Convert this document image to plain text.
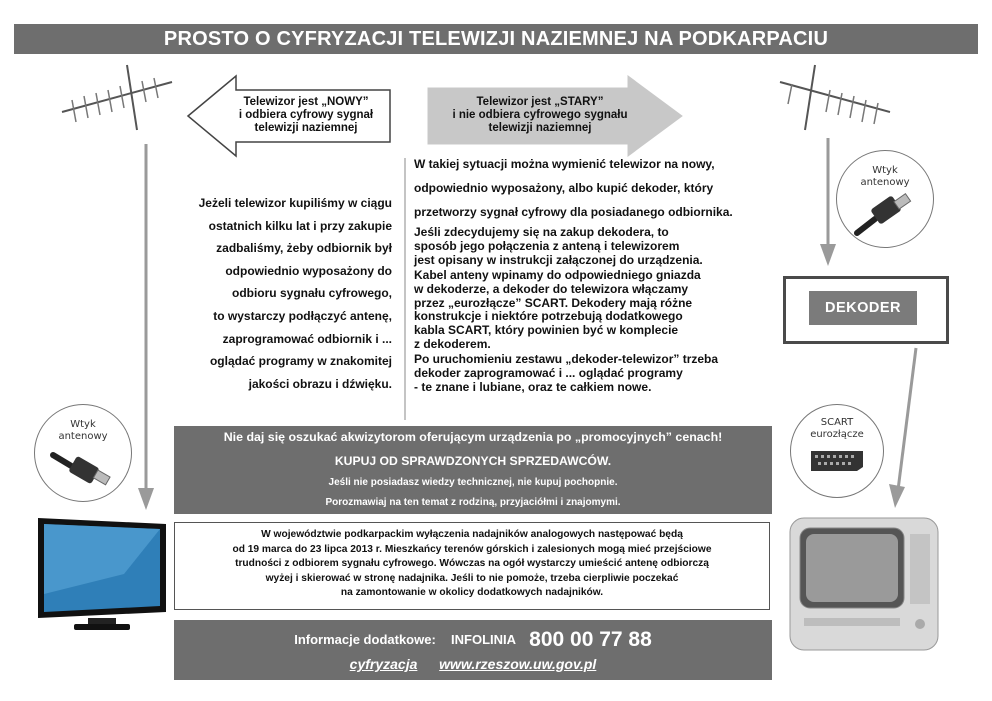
PROSTO O CYFRYZACJI TELEWIZJI NAZIEMNEJ NA PODKARPACIU
Telewizor jest „NOWY”
i odbiera cyfrowy sygnał
telewizji naziemnej
Telewizor jest „STARY”
i nie odbiera cyfrowego sygnału
telewizji naziemnej
Jeżeli telewizor kupiliśmy w ciągu
ostatnich kilku lat i przy zakupie
zadbaliśmy, żeby odbiornik był
odpowiednio wyposażony do
odbioru sygnału cyfrowego,
to wystarczy podłączyć antenę,
zaprogramować odbiornik i ...
oglądać programy w znakomitej
jakości obrazu i dźwięku.
W takiej sytuacji można wymienić telewizor na nowy,
odpowiednio wyposażony, albo kupić dekoder, który
przetworzy sygnał cyfrowy dla posiadanego odbiornika.

Jeśli zdecydujemy się na zakup dekodera, to
sposób jego połączenia z anteną i telewizorem
jest opisany w instrukcji załączonej do urządzenia.

Kabel anteny wpinamy do odpowiedniego gniazda
w dekoderze, a dekoder do telewizora włączamy
przez „eurozłącze” SCART. Dekodery mają różne
konstrukcje i niektóre potrzebują dodatkowego
kabla SCART, który powinien być w komplecie
z dekoderem.

Po uruchomieniu zestawu „dekoder-telewizor” trzeba
dekoder zaprogramować i ... oglądać programy
- te znane i lubiane, oraz te całkiem nowe.

Wtyk
antenowy
DEKODER
SCART
eurozłącze
Wtyk
antenowy	Nie daj się oszukać akwizytorom oferującym urządzenia po „promocyjnych” cenach!
KUPUJ OD SPRAWDZONYCH SPRZEDAWCÓW.
Jeśli nie posiadasz wiedzy technicznej, nie kupuj pochopnie.
Porozmawiaj na ten temat z rodziną, przyjaciółmi i znajomymi.
W województwie podkarpackim wyłączenia nadajników analogowych następować będą
od 19 marca do 23 lipca 2013 r. Mieszkańcy terenów górskich i zalesionych mogą mieć przejściowe
trudności z odbiorem sygnału cyfrowego. Wówczas na ogół wystarczy umieścić antenę odbiorczą
wyżej i skierować w stronę nadajnika. Jeśli to nie pomoże, trzeba cierpliwie poczekać
na zamontowanie w okolicy dodatkowych nadajników.
Informacje dodatkowe: INFOLINIA 800 00 77 88
cyfryzacja www.rzeszow.uw.gov.pl
